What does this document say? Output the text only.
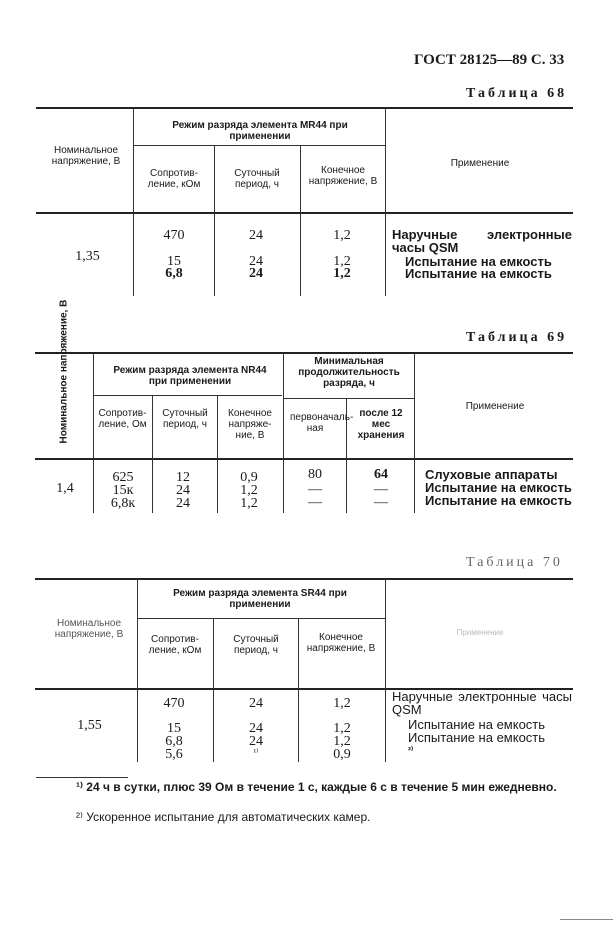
ГОСТ 28125—89 С. 33
Таблица 68
Номинальное напряжение, В
Режим разряда элемента MR44 при применении
Сопротив-ление, кОм
Суточный период, ч
Конечное напряжение, В
Применение
1,35
470	24	1,2	Наручные электронные часы QSM
15	24	1,2	Испытание на емкость
6,8	24	1,2	Испытание на емкость
Таблица 69
Номинальное напряжение, В	Режим разряда элемента NR44 при применении
Минимальная продолжительность разряда, ч
Сопротив-ление, Ом
Суточный период, ч
Конечное напряже-ние, В
первоначаль-ная
после 12 мес хранения
Применение
1,4
625	12	0,9	80	64	Слуховые аппараты
15к	24	1,2	—	—	Испытание на емкость
6,8к	24	1,2	—	—	Испытание на емкость
Таблица 70
Номинальное напряжение, В
Режим разряда элемента SR44 при применении
Сопротив-ление, кОм
Суточный период, ч
Конечное напряжение, В
Применение
1,55
470	24	1,2	Наручные электронные часы QSM
15	24	1,2	Испытание на емкость
6,8	24	1,2	Испытание на емкость
5,6	¹⁾	0,9	²⁾
¹⁾ 24 ч в сутки, плюс 39 Ом в течение 1 с, каждые 6 с в течение 5 мин ежедневно.
²⁾ Ускоренное испытание для автоматических камер.
